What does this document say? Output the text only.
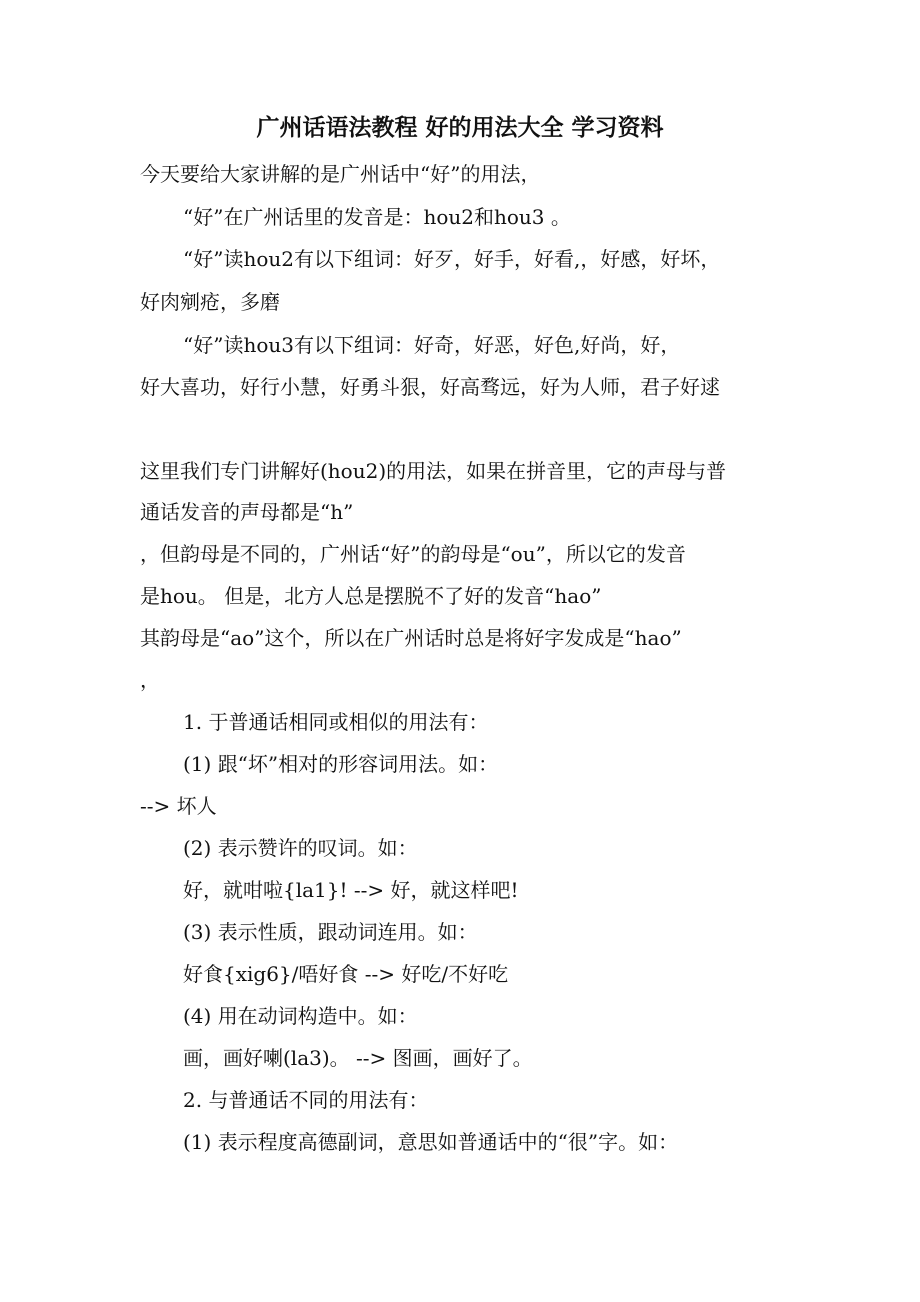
广州话语法教程 好的用法大全 学习资料
今天要给大家讲解的是广州话中“好”的用法，
“好”在广州话里的发音是：hou2和hou3 。
“好”读hou2有以下组词：好歹，好手，好看,，好感，好坏，
好肉剜疮，多磨
“好”读hou3有以下组词：好奇，好恶，好色,好尚，好，
好大喜功，好行小慧，好勇斗狠，好高骛远，好为人师，君子好逑
这里我们专门讲解好(hou2)的用法，如果在拼音里，它的声母与普
通话发音的声母都是“h”
，但韵母是不同的，广州话“好”的韵母是“ou”，所以它的发音
是hou。 但是，北方人总是摆脱不了好的发音“hao”
其韵母是“ao”这个，所以在广州话时总是将好字发成是“hao”
，
1. 于普通话相同或相似的用法有：
(1) 跟“坏”相对的形容词用法。如：
--> 坏人
(2) 表示赞许的叹词。如：
好，就咁啦{la1}! --> 好，就这样吧!
(3) 表示性质，跟动词连用。如：
好食{xig6}/唔好食 --> 好吃/不好吃
(4) 用在动词构造中。如：
画，画好喇(la3)。 --> 图画，画好了。
2. 与普通话不同的用法有：
(1) 表示程度高德副词，意思如普通话中的“很”字。如：
